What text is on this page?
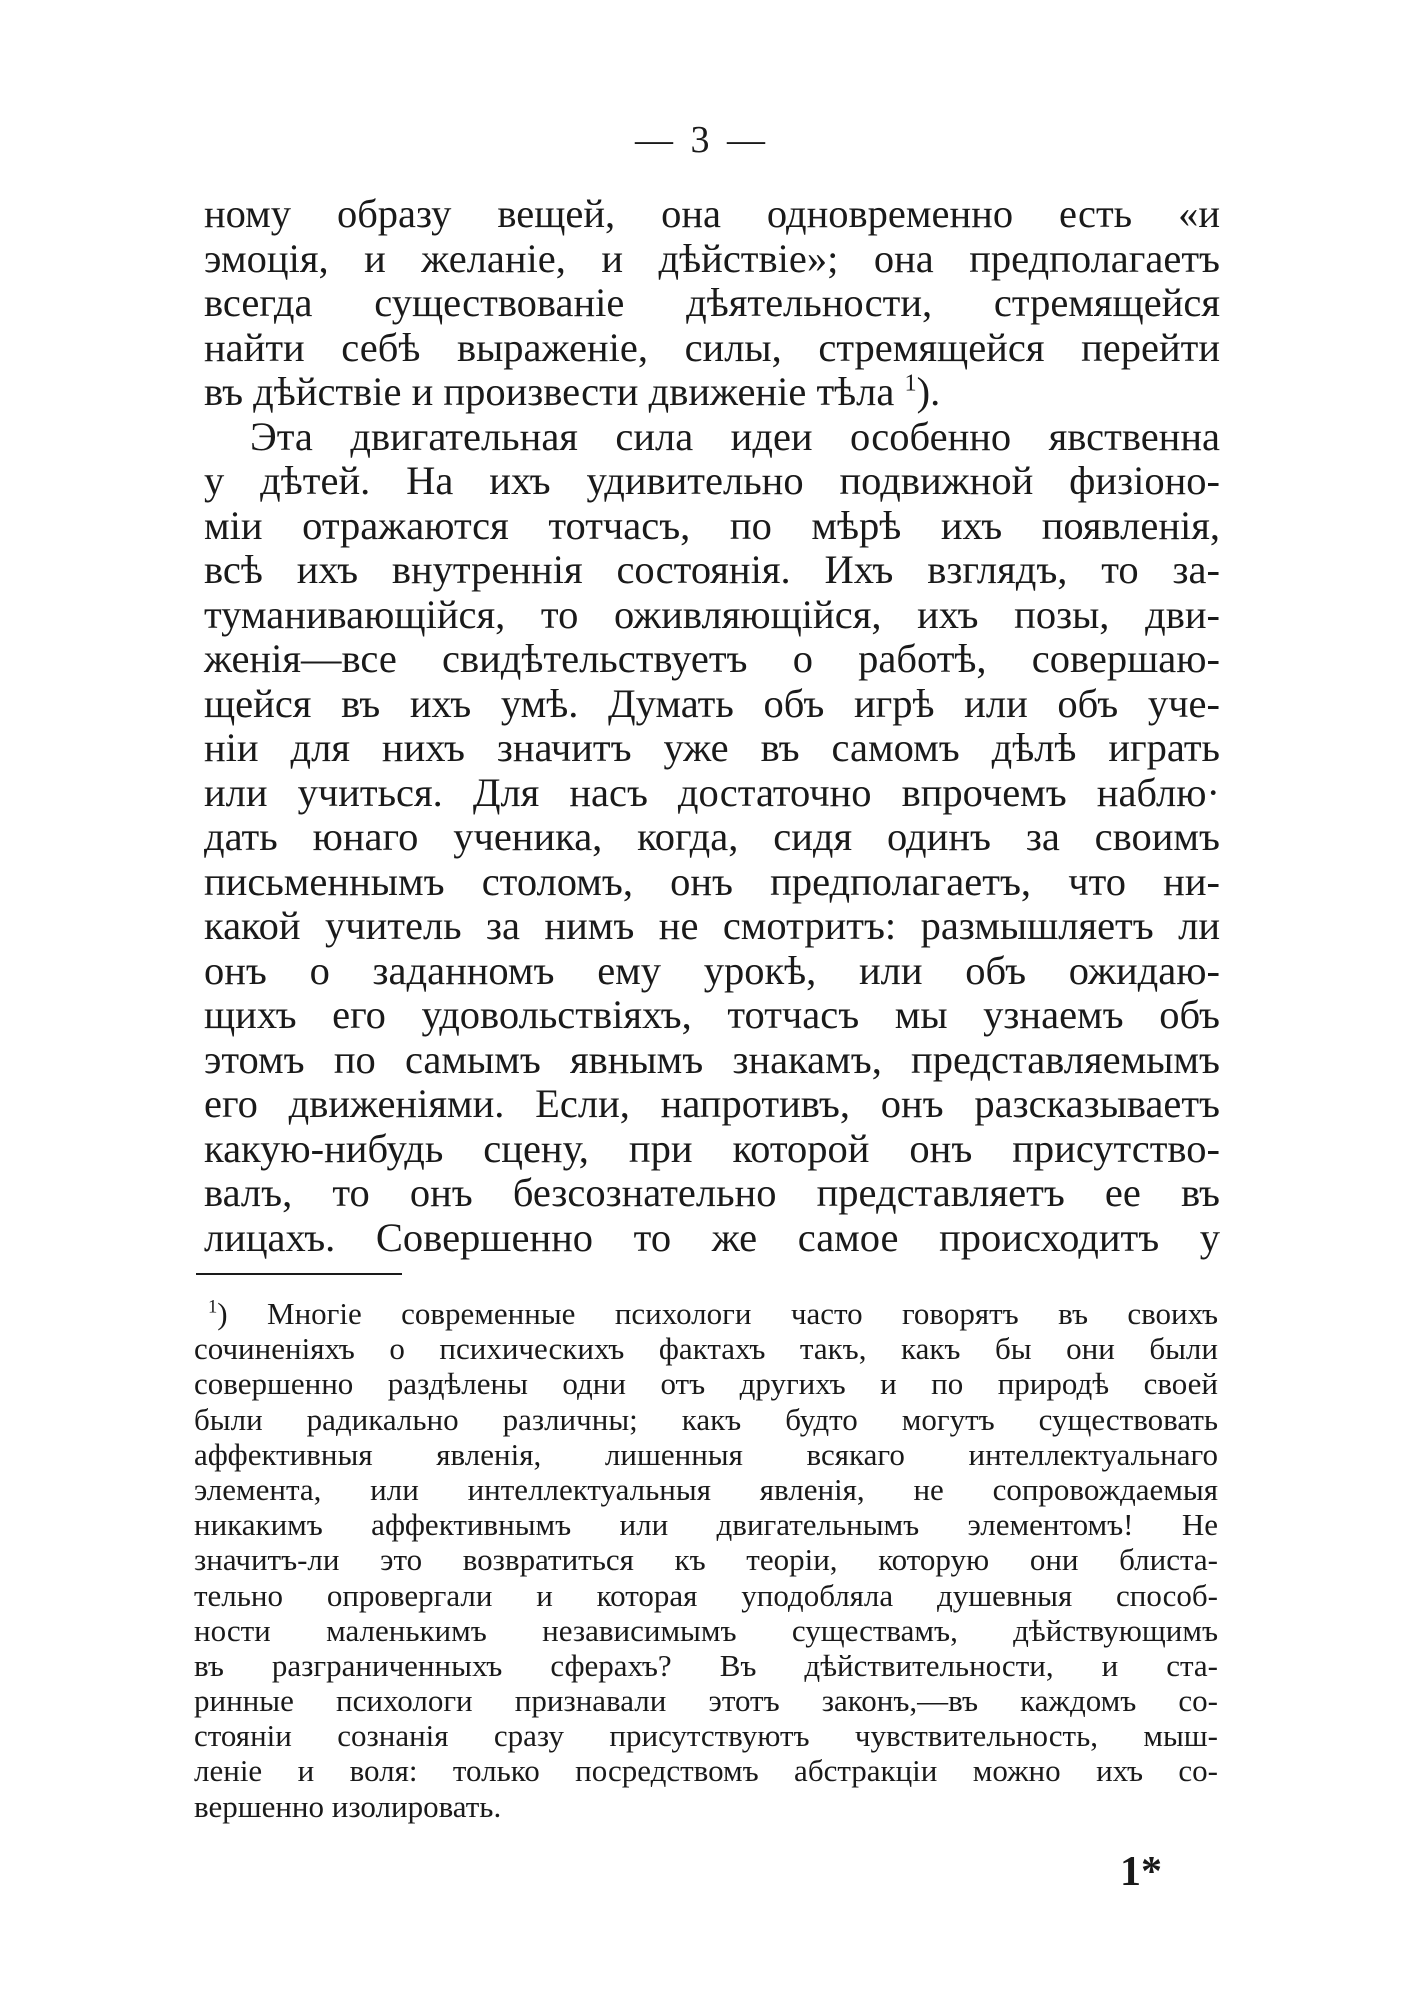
— 3 —
ному образу вещей, она одновременно есть «и
эмоція, и желаніе, и дѣйствіе»; она предполагаетъ
всегда существованіе дѣятельности, стремящейся
найти себѣ выраженіе, силы, стремящейся перейти
въ дѣйствіе и произвести движеніе тѣла $^1$).
Эта двигательная сила идеи особенно явственна
у дѣтей. На ихъ удивительно подвижной физіоно-
міи отражаются тотчасъ, по мѣрѣ ихъ появленія,
всѣ ихъ внутреннія состоянія. Ихъ взглядъ, то за-
туманивающійся, то оживляющійся, ихъ позы, дви-
женія—все свидѣтельствуетъ о работѣ, совершаю-
щейся въ ихъ умѣ. Думать объ игрѣ или объ уче-
ніи для нихъ значитъ уже въ самомъ дѣлѣ играть
или учиться. Для насъ достаточно впрочемъ наблю·
дать юнаго ученика, когда, сидя одинъ за своимъ
письменнымъ столомъ, онъ предполагаетъ, что ни-
какой учитель за нимъ не смотритъ: размышляетъ ли
онъ о заданномъ ему урокѣ, или объ ожидаю-
щихъ его удовольствіяхъ, тотчасъ мы узнаемъ объ
этомъ по самымъ явнымъ знакамъ, представляемымъ
его движеніями. Если, напротивъ, онъ разсказываетъ
какую-нибудь сцену, при которой онъ присутство-
валъ, то онъ безсознательно представляетъ ее въ
лицахъ. Совершенно то же самое происходитъ у
$^1$) Многіе современные психологи часто говорятъ въ своихъ
сочиненіяхъ о психическихъ фактахъ такъ, какъ бы они были
совершенно раздѣлены одни отъ другихъ и по природѣ своей
были радикально различны; какъ будто могутъ существовать
аффективныя явленія, лишенныя всякаго интеллектуальнаго
элемента, или интеллектуальныя явленія, не сопровождаемыя
никакимъ аффективнымъ или двигательнымъ элементомъ! Не
значитъ-ли это возвратиться къ теоріи, которую они блиста-
тельно опровергали и которая уподобляла душевныя способ-
ности маленькимъ независимымъ существамъ, дѣйствующимъ
въ разграниченныхъ сферахъ? Въ дѣйствительности, и ста-
ринные психологи признавали этотъ законъ,—въ каждомъ со-
стояніи сознанія сразу присутствуютъ чувствительность, мыш-
леніе и воля: только посредствомъ абстракціи можно ихъ со-
вершенно изолировать.
1*
